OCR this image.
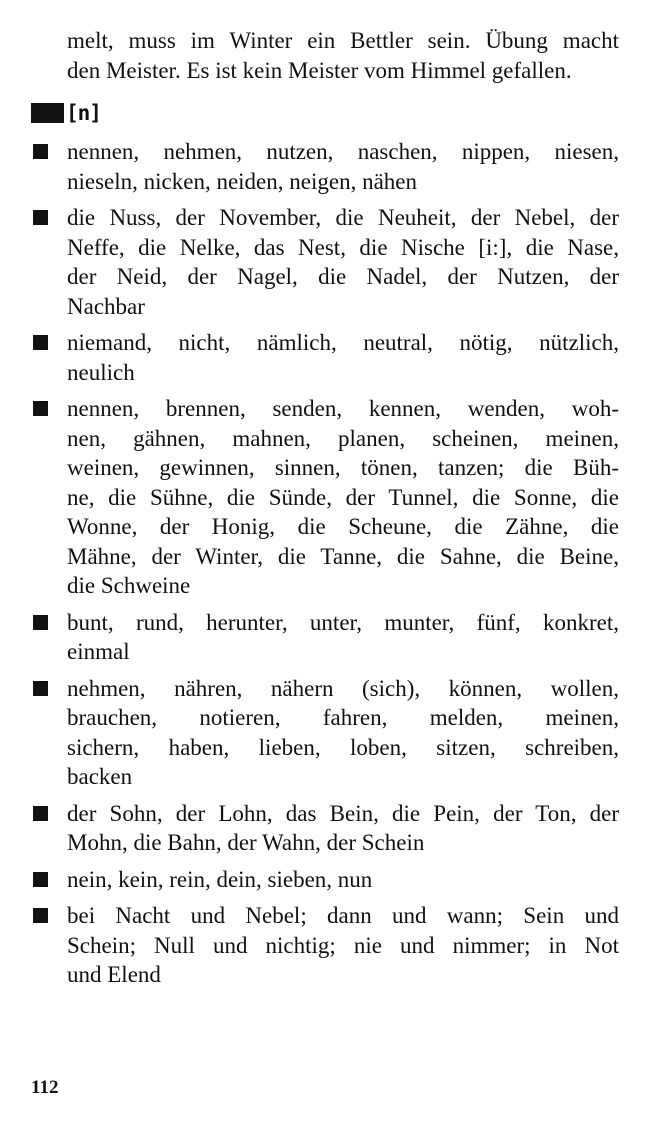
melt, muss im Winter ein Bettler sein. Übung macht
den Meister. Es ist kein Meister vom Himmel gefallen.
[n]
nennen, nehmen, nutzen, naschen, nippen, niesen,
nieseln, nicken, neiden, neigen, nähen
die Nuss, der November, die Neuheit, der Nebel, der
Neffe, die Nelke, das Nest, die Nische [i:], die Nase,
der Neid, der Nagel, die Nadel, der Nutzen, der
Nachbar
niemand, nicht, nämlich, neutral, nötig, nützlich,
neulich
nennen, brennen, senden, kennen, wenden, woh-
nen, gähnen, mahnen, planen, scheinen, meinen,
weinen, gewinnen, sinnen, tönen, tanzen; die Büh-
ne, die Sühne, die Sünde, der Tunnel, die Sonne, die
Wonne, der Honig, die Scheune, die Zähne, die
Mähne, der Winter, die Tanne, die Sahne, die Beine,
die Schweine
bunt, rund, herunter, unter, munter, fünf, konkret,
einmal
nehmen, nähren, nähern (sich), können, wollen,
brauchen, notieren, fahren, melden, meinen,
sichern, haben, lieben, loben, sitzen, schreiben,
backen
der Sohn, der Lohn, das Bein, die Pein, der Ton, der
Mohn, die Bahn, der Wahn, der Schein
nein, kein, rein, dein, sieben, nun
bei Nacht und Nebel; dann und wann; Sein und
Schein; Null und nichtig; nie und nimmer; in Not
und Elend
112
